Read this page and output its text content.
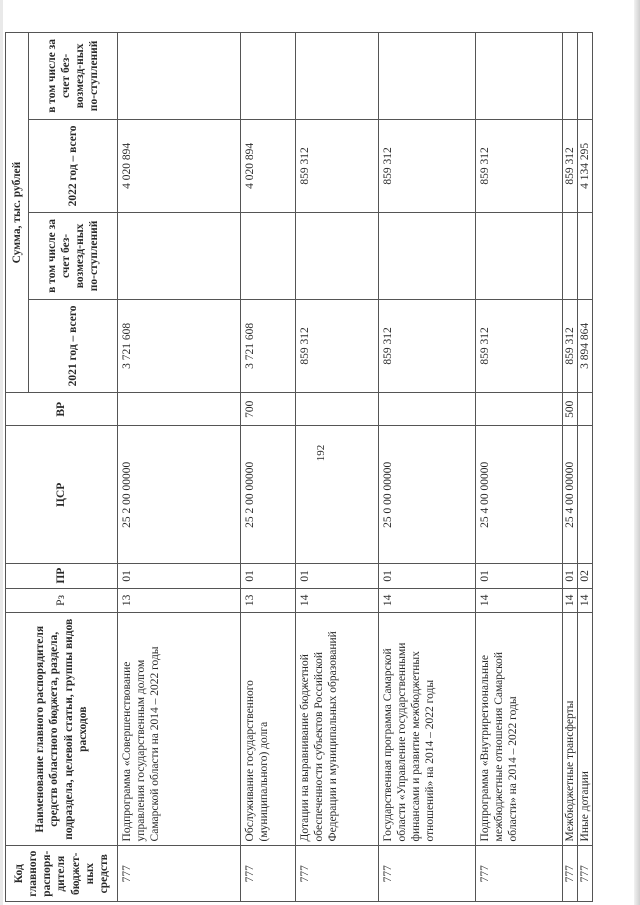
192
Код главного распоря-дителя бюджет-ных средств	Наименование главного распорядителя средств областного бюджета, раздела, подраздела, целевой статьи, группы видов расходов	Рз	ПР	ЦСР	ВР	Сумма, тыс. рублей			
						2021 год – всего	в том числе за счет без-возмезд-ных по-ступлений	2022 год – всего	в том числе за счет без-возмезд-ных по-ступлений
777	Подпрограмма «Совершенствование управления государственным долгом Самарской области на 2014 – 2022 годы	13	01	25 2 00 00000		3 721 608		4 020 894	
777	Обслуживание государственного (муниципального) долга	13	01	25 2 00 00000	700	3 721 608		4 020 894	
777	Дотации на выравнивание бюджетной обеспеченности субъектов Российской Федерации и муниципальных образований	14	01			859 312		859 312	
777	Государственная программа Самарской области «Управление государственными финансами и развитие межбюджетных отношений» на 2014 – 2022 годы	14	01	25 0 00 00000		859 312		859 312	
777	Подпрограмма «Внутрирегиональные межбюджетные отношения Самарской области» на 2014 – 2022 годы	14	01	25 4 00 00000		859 312		859 312	
777	Межбюджетные трансферты	14	01	25 4 00 00000	500	859 312		859 312	
777	Иные дотации	14	02			3 894 864		4 134 295	
